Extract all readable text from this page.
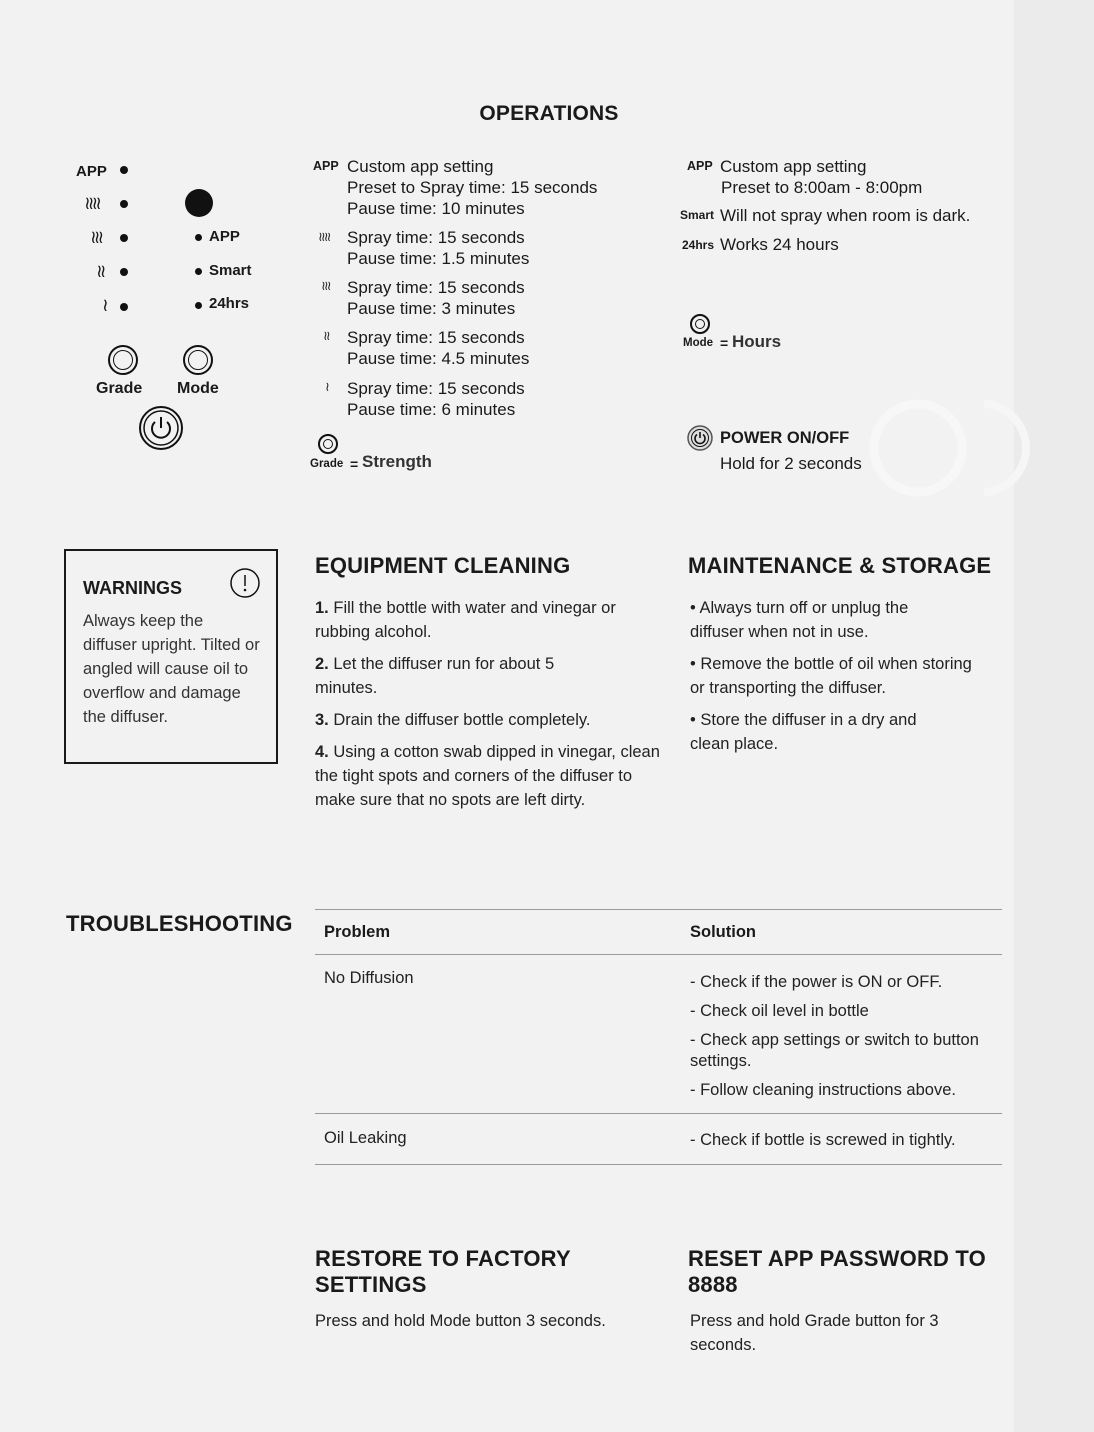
OPERATIONS
APP
≀≀≀≀
≀≀≀
≀≀
≀
APP
Smart
24hrs
Grade Mode
APP Custom app setting
Preset to Spray time: 15 seconds
Pause time: 10 minutes
≀≀≀≀ Spray time: 15 seconds
Pause time: 1.5 minutes
≀≀≀ Spray time: 15 seconds
Pause time: 3 minutes
≀≀ Spray time: 15 seconds
Pause time: 4.5 minutes
≀ Spray time: 15 seconds
Pause time: 6 minutes
Grade = Strength
APP Custom app setting
Preset to 8:00am - 8:00pm
Smart Will not spray when room is dark.
24hrs Works 24 hours
Mode = Hours
POWER ON/OFF
Hold for 2 seconds
WARNINGS
Always keep the diffuser upright. Tilted or angled will cause oil to overflow and damage the diffuser.
EQUIPMENT CLEANING
1. Fill the bottle with water and vinegar or rubbing alcohol.
2. Let the diffuser run for about 5 minutes.
3. Drain the diffuser bottle completely.
4. Using a cotton swab dipped in vinegar, clean the tight spots and corners of the diffuser to make sure that no spots are left dirty.
MAINTENANCE & STORAGE
• Always turn off or unplug the diffuser when not in use.
• Remove the bottle of oil when storing or transporting the diffuser.
• Store the diffuser in a dry and clean place.
TROUBLESHOOTING Problem	Solution
No Diffusion	- Check if the power is ON or OFF.
- Check oil level in bottle
- Check app settings or switch to button settings.
- Follow cleaning instructions above.
Oil Leaking	- Check if bottle is screwed in tightly.
RESTORE TO FACTORY SETTINGS
Press and hold Mode button 3 seconds.
RESET APP PASSWORD TO 8888
Press and hold Grade button for 3 seconds.
